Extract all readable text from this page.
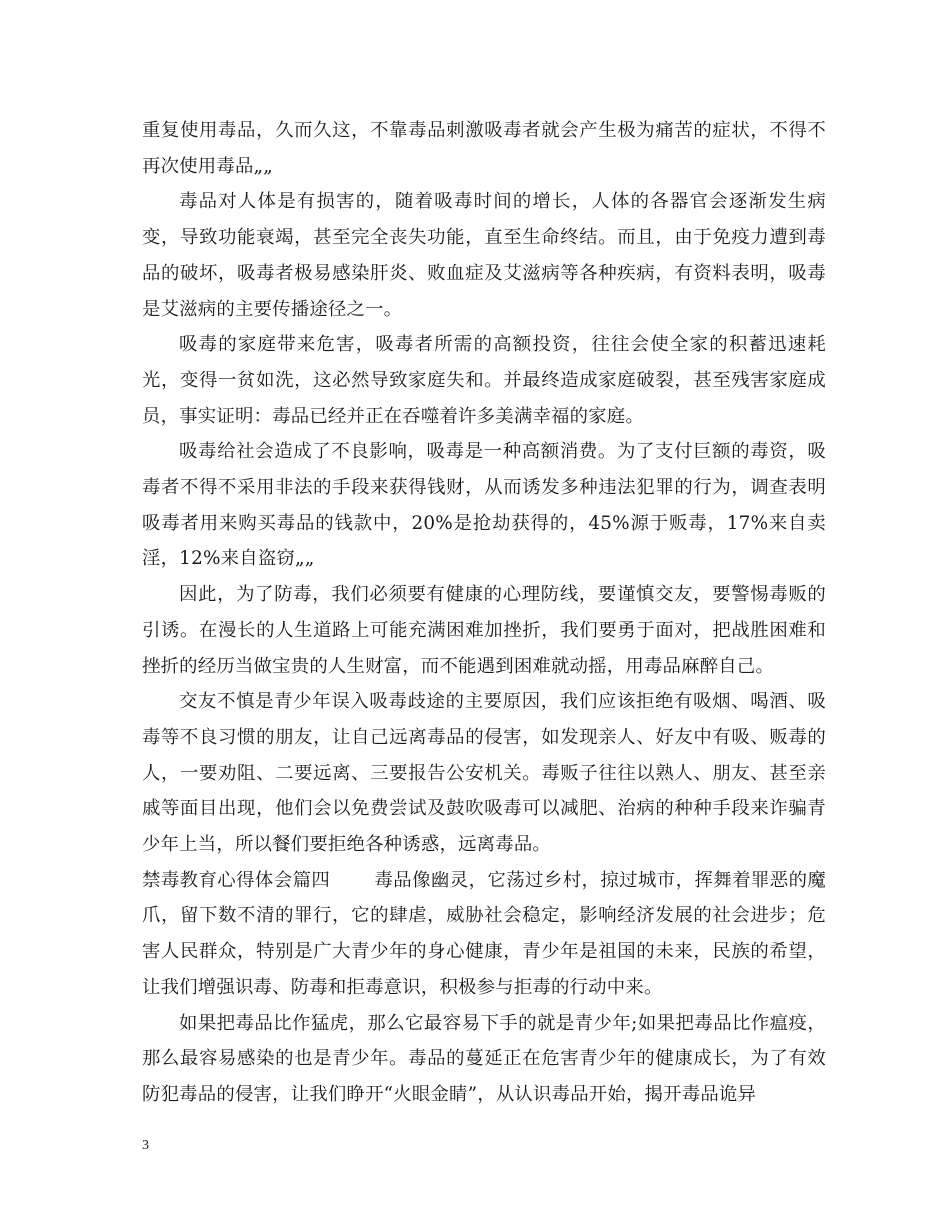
重复使用毒品，久而久这，不靠毒品刺激吸毒者就会产生极为痛苦的症状，不得不再次使用毒品„„

毒品对人体是有损害的，随着吸毒时间的增长，人体的各器官会逐渐发生病变，导致功能衰竭，甚至完全丧失功能，直至生命终结。而且，由于免疫力遭到毒品的破坏，吸毒者极易感染肝炎、败血症及艾滋病等各种疾病，有资料表明，吸毒是艾滋病的主要传播途径之一。

吸毒的家庭带来危害，吸毒者所需的高额投资，往往会使全家的积蓄迅速耗光，变得一贫如洗，这必然导致家庭失和。并最终造成家庭破裂，甚至残害家庭成员，事实证明：毒品已经并正在吞噬着许多美满幸福的家庭。

吸毒给社会造成了不良影响，吸毒是一种高额消费。为了支付巨额的毒资，吸毒者不得不采用非法的手段来获得钱财，从而诱发多种违法犯罪的行为，调查表明吸毒者用来购买毒品的钱款中，20%是抢劫获得的，45%源于贩毒，17%来自卖淫，12%来自盗窃„„

因此，为了防毒，我们必须要有健康的心理防线，要谨慎交友，要警惕毒贩的引诱。在漫长的人生道路上可能充满困难加挫折，我们要勇于面对，把战胜困难和挫折的经历当做宝贵的人生财富，而不能遇到困难就动摇，用毒品麻醉自己。

交友不慎是青少年误入吸毒歧途的主要原因，我们应该拒绝有吸烟、喝酒、吸毒等不良习惯的朋友，让自己远离毒品的侵害，如发现亲人、好友中有吸、贩毒的人，一要劝阻、二要远离、三要报告公安机关。毒贩子往往以熟人、朋友、甚至亲戚等面目出现，他们会以免费尝试及鼓吹吸毒可以减肥、治病的种种手段来诈骗青少年上当，所以餐们要拒绝各种诱惑，远离毒品。

禁毒教育心得体会篇四 毒品像幽灵，它荡过乡村，掠过城市，挥舞着罪恶的魔爪，留下数不清的罪行，它的肆虐，威胁社会稳定，影响经济发展的社会进步；危害人民群众，特别是广大青少年的身心健康，青少年是祖国的未来，民族的希望，让我们增强识毒、防毒和拒毒意识，积极参与拒毒的行动中来。

如果把毒品比作猛虎，那么它最容易下手的就是青少年;如果把毒品比作瘟疫，那么最容易感染的也是青少年。毒品的蔓延正在危害青少年的健康成长，为了有效防犯毒品的侵害，让我们睁开“火眼金睛”，从认识毒品开始，揭开毒品诡异

3
